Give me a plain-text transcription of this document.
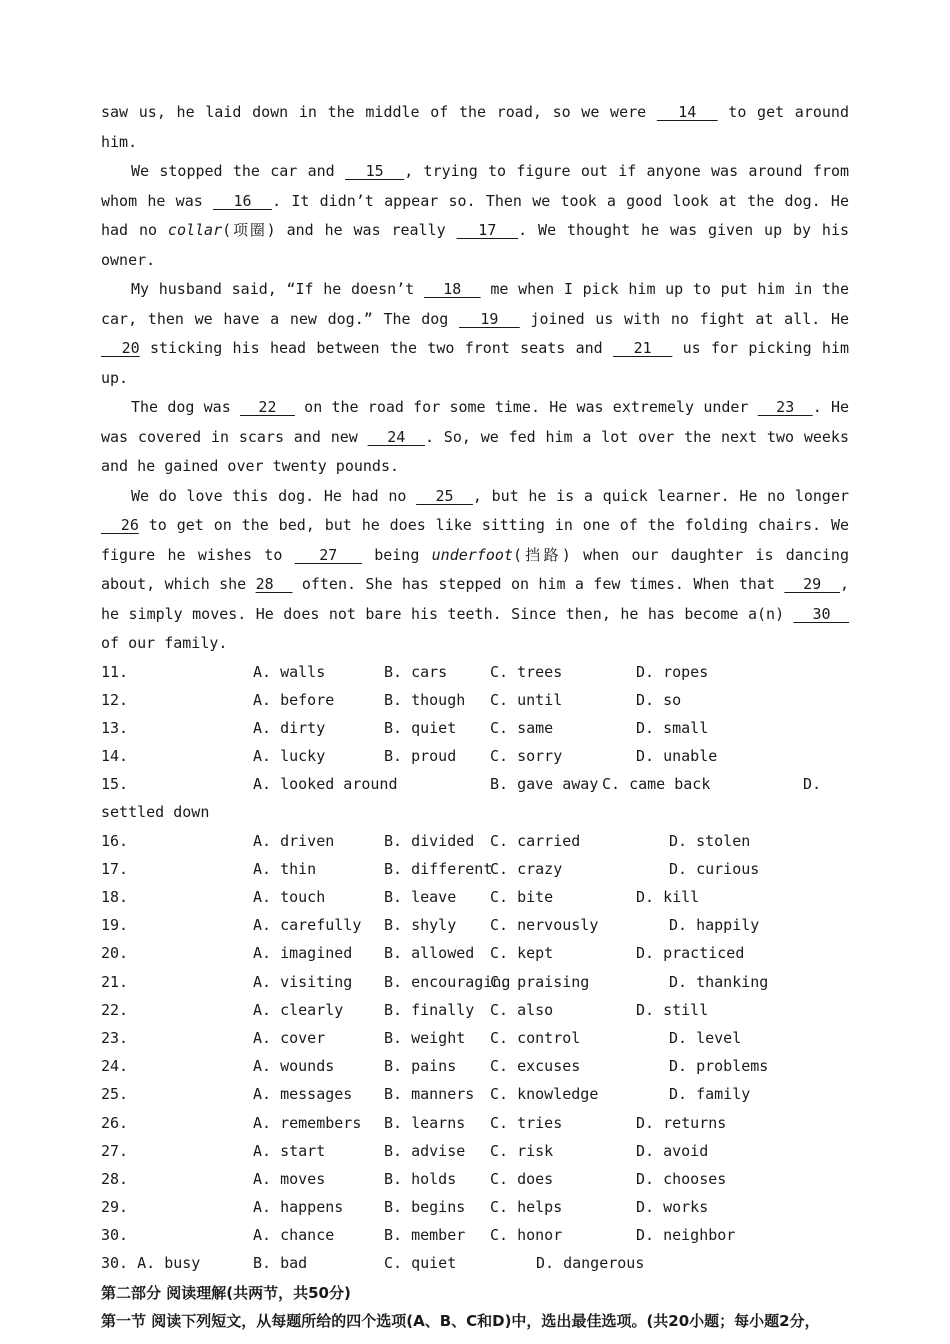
saw us, he laid down in the middle of the road, so we were   14   to get around him.

We stopped the car and   15  , trying to figure out if anyone was around from whom he was   16  . It didn’t appear so. Then we took a good look at the dog. He had no collar(项圈) and he was really   17  . We thought he was given up by his owner.

My husband said, “If he doesn’t   18   me when I pick him up to put him in the car, then we have a new dog.” The dog   19   joined us with no fight at all. He   20 sticking his head between the two front seats and   21   us for picking him up.

The dog was   22   on the road for some time. He was extremely under   23  . He was covered in scars and new   24  . So, we fed him a lot over the next two weeks and he gained over twenty pounds.

We do love this dog. He had no   25  , but he is a quick learner. He no longer   26 to get on the bed, but he does like sitting in one of the folding chairs. We figure he wishes to   27   being underfoot(挡路) when our daughter is dancing about, which she 28   often. She has stepped on him a few times. When that   29  , he simply moves. He does not bare his teeth. Since then, he has become a(n)   30   of our family.

11.	A. walls	B. cars	C. trees	D. ropes
12.	A. before	B. though C. until	D. so
13.	A. dirty	B. quiet C. same	D. small
14.	A. lucky	B. proud C. sorry	D. unable
15.	A. looked around	B. gave away C. came back	D.
settled down
16.	A. driven	B. divided C. carried	D. stolen
17.	A. thin	B. different
C. crazy	D. curious
18.	A. touch	B. leave C. bite	D. kill
19.	A. carefully B. shyly C. nervously	D. happily
20.	A. imagined B. allowed C. kept	D. practiced
21.	A. visiting B. encouraging
C. praising	D. thanking
22.	A. clearly	B. finally C. also	D. still
23.	A. cover	B. weight C. control	D. level
24.	A. wounds	B. pains C. excuses	D. problems
25.	A. messages B. manners C. knowledge	D. family
26.	A. remembers B. learns C. tries	D. returns
27.	A. start	B. advise C. risk	D. avoid
28.	A. moves	B. holds C. does	D. chooses
29.	A. happens	B. begins C. helps	D. works
30.	A. chance	B. member C. honor	D. neighbor
30. A. busy	B. bad	C. quiet	D. dangerous

第二部分 阅读理解(共两节，共50分)

第一节 阅读下列短文，从每题所给的四个选项(A、B、C和D)中，选出最佳选项。(共20小题；每小题2分，
